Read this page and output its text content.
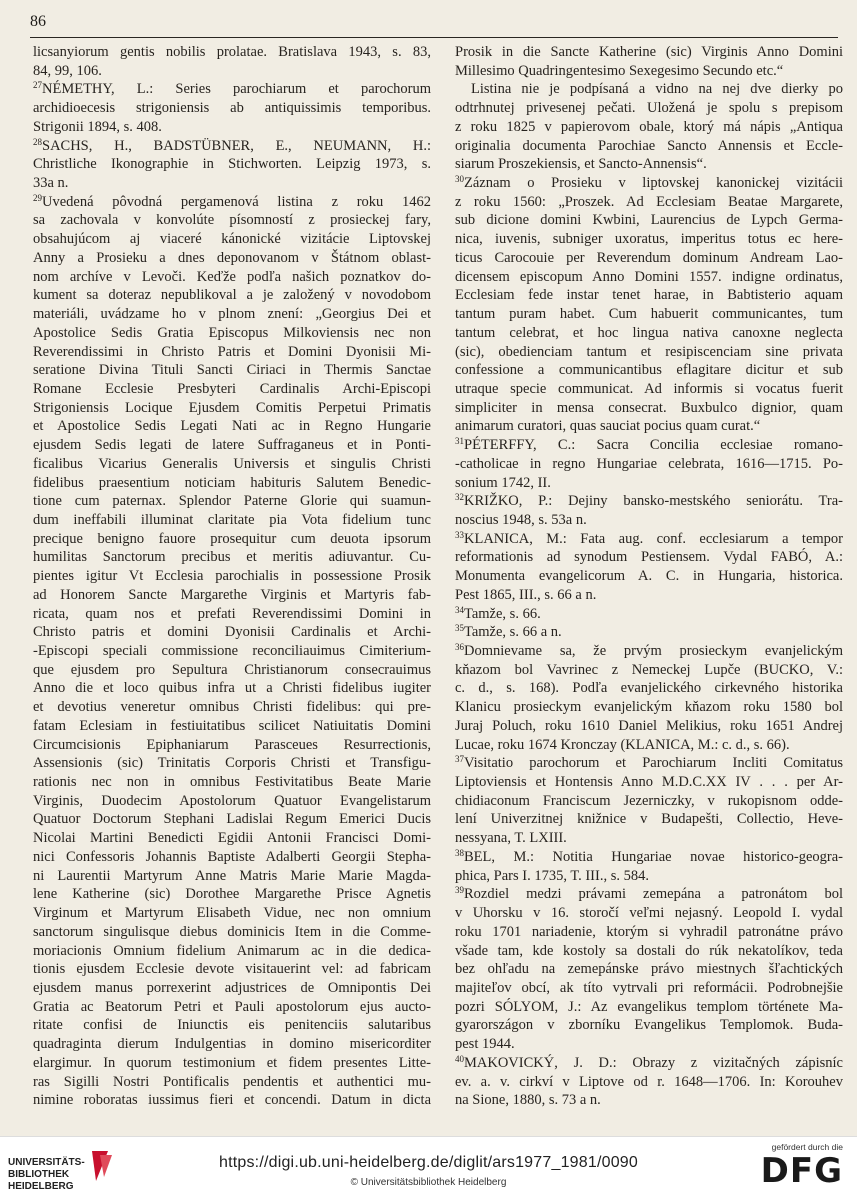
86
licsanyiorum gentis nobilis prolatae. Bratislava 1943, s. 83,
84, 99, 106.
$^{27}$NÉMETHY, L.: Series parochiarum et parochorum
archidioecesis strigoniensis ab antiquissimis temporibus.
Strigonii 1894, s. 408.
$^{28}$SACHS, H., BADSTÜBNER, E., NEUMANN, H.:
Christliche Ikonographie in Stichworten. Leipzig 1973, s.
33a n.
$^{29}$Uvedená pôvodná pergamenová listina z roku 1462
sa zachovala v konvolúte písomností z prosieckej fary,
obsahujúcom aj viaceré kánonické vizitácie Liptovskej
Anny a Prosieku a dnes deponovanom v Štátnom oblast-
nom archíve v Levoči. Keďže podľa našich poznatkov do-
kument sa doteraz nepublikoval a je založený v novodobom
materiáli, uvádzame ho v plnom znení: „Georgius Dei et
Apostolice Sedis Gratia Episcopus Milkoviensis nec non
Reverendissimi in Christo Patris et Domini Dyonisii Mi-
seratione Divina Tituli Sancti Ciriaci in Thermis Sanctae
Romane Ecclesie Presbyteri Cardinalis Archi-Episcopi
Strigoniensis Locique Ejusdem Comitis Perpetui Primatis
et Apostolice Sedis Legati Nati ac in Regno Hungarie
ejusdem Sedis legati de latere Suffraganeus et in Ponti-
ficalibus Vicarius Generalis Universis et singulis Christi
fidelibus praesentium noticiam habituris Salutem Benedic-
tione cum paternax. Splendor Paterne Glorie qui suamun-
dum ineffabili illuminat claritate pia Vota fidelium tunc
precique benigno fauore prosequitur cum deuota ipsorum
humilitas Sanctorum precibus et meritis adiuvantur. Cu-
pientes igitur Vt Ecclesia parochialis in possessione Prosik
ad Honorem Sancte Margarethe Virginis et Martyris fab-
ricata, quam nos et prefati Reverendissimi Domini in
Christo patris et domini Dyonisii Cardinalis et Archi-
-Episcopi speciali commissione reconciliauimus Cimiterium-
que ejusdem pro Sepultura Christianorum consecrauimus
Anno die et loco quibus infra ut a Christi fidelibus iugiter
et devotius veneretur omnibus Christi fidelibus: qui pre-
fatam Eclesiam in festiuitatibus scilicet Natiuitatis Domini
Circumcisionis Epiphaniarum Parasceues Resurrectionis,
Assensionis (sic) Trinitatis Corporis Christi et Transfigu-
rationis nec non in omnibus Festivitatibus Beate Marie
Virginis, Duodecim Apostolorum Quatuor Evangelistarum
Quatuor Doctorum Stephani Ladislai Regum Emerici Ducis
Nicolai Martini Benedicti Egidii Antonii Francisci Domi-
nici Confessoris Johannis Baptiste Adalberti Georgii Stepha-
ni Laurentii Martyrum Anne Matris Marie Marie Magda-
lene Katherine (sic) Dorothee Margarethe Prisce Agnetis
Virginum et Martyrum Elisabeth Vidue, nec non omnium
sanctorum singulisque diebus dominicis Item in die Comme-
moriacionis Omnium fidelium Animarum ac in die dedica-
tionis ejusdem Ecclesie devote visitauerint vel: ad fabricam
ejusdem manus porrexerint adjustrices de Omnipontis Dei
Gratia ac Beatorum Petri et Pauli apostolorum ejus aucto-
ritate confisi de Iniunctis eis penitenciis salutaribus
quadraginta dierum Indulgentias in domino misericorditer
elargimur. In quorum testimonium et fidem presentes Litte-
ras Sigilli Nostri Pontificalis pendentis et authentici mu-
nimine roboratas iussimus fieri et concendi. Datum in dicta
Prosik in die Sancte Katherine (sic) Virginis Anno Domini
Millesimo Quadringentesimo Sexegesimo Secundo etc.“
Listina nie je podpísaná a vidno na nej dve dierky po
odtrhnutej privesenej pečati. Uložená je spolu s prepisom
z roku 1825 v papierovom obale, ktorý má nápis „Antiqua
originalia documenta Parochiae Sancto Annensis et Eccle-
siarum Proszekiensis, et Sancto-Annensis“.
$^{30}$Záznam o Prosieku v liptovskej kanonickej vizitácii
z roku 1560: „Proszek. Ad Ecclesiam Beatae Margarete,
sub dicione domini Kwbini, Laurencius de Lypch Germa-
nica, iuvenis, subniger uxoratus, imperitus totus ec here-
ticus Carocouie per Reverendum dominum Andream Lao-
dicensem episcopum Anno Domini 1557. indigne ordinatus,
Ecclesiam fede instar tenet harae, in Babtisterio aquam
tantum puram habet. Cum habuerit communicantes, tum
tantum celebrat, et hoc lingua nativa canoxne neglecta
(sic), obedienciam tantum et resipiscenciam sine privata
confessione a communicantibus eflagitare dicitur et sub
utraque specie communicat. Ad informis si vocatus fuerit
simpliciter in mensa consecrat. Buxbulco dignior, quam
animarum curatori, quas sauciat pocius quam curat.“
$^{31}$PÉTERFFY, C.: Sacra Concilia ecclesiae romano-
-catholicae in regno Hungariae celebrata, 1616—1715. Po-
sonium 1742, II.
$^{32}$KRIŽKO, P.: Dejiny bansko-mestského seniorátu. Tra-
noscius 1948, s. 53a n.
$^{33}$KLANICA, M.: Fata aug. conf. ecclesiarum a tempor
reformationis ad synodum Pestiensem. Vydal FABÓ, A.:
Monumenta evangelicorum A. C. in Hungaria, historica.
Pest 1865, III., s. 66 a n.
$^{34}$Tamže, s. 66.
$^{35}$Tamže, s. 66 a n.
$^{36}$Domnievame sa, že prvým prosieckym evanjelickým
kňazom bol Vavrinec z Nemeckej Lupče (BUCKO, V.:
c. d., s. 168). Podľa evanjelického cirkevného historika
Klanicu prosieckym evanjelickým kňazom roku 1580 bol
Juraj Poluch, roku 1610 Daniel Melikius, roku 1651 Andrej
Lucae, roku 1674 Kronczay (KLANICA, M.: c. d., s. 66).
$^{37}$Visitatio parochorum et Parochiarum Incliti Comitatus
Liptoviensis et Hontensis Anno M.D.C.XX IV . . . per Ar-
chidiaconum Franciscum Jezerniczky, v rukopisnom odde-
lení Univerzitnej knižnice v Budapešti, Collectio, Heve-
nessyana, T. LXIII.
$^{38}$BEL, M.: Notitia Hungariae novae historico-geogra-
phica, Pars I. 1735, T. III., s. 584.
$^{39}$Rozdiel medzi právami zemepána a patronátom bol
v Uhorsku v 16. storočí veľmi nejasný. Leopold I. vydal
roku 1701 nariadenie, ktorým si vyhradil patronátne právo
všade tam, kde kostoly sa dostali do rúk nekatolíkov, teda
bez ohľadu na zemepánske právo miestnych šľachtických
majiteľov obcí, ak títo vytrvali pri reformácii. Podrobnejšie
pozri SÓLYOM, J.: Az evangelikus templom története Ma-
gyarországon v zborníku Evangelikus Templomok. Buda-
pest 1944.
$^{40}$MAKOVICKÝ, J. D.: Obrazy z vizitačných zápisníc
ev. a. v. cirkví v Liptove od r. 1648—1706. In: Korouhev
na Sione, 1880, s. 73 a n.
UNIVERSITÄTS-
BIBLIOTHEK
HEIDELBERG
https://digi.ub.uni-heidelberg.de/diglit/ars1977_1981/0090
© Universitätsbibliothek Heidelberg
gefördert durch die
DFG
